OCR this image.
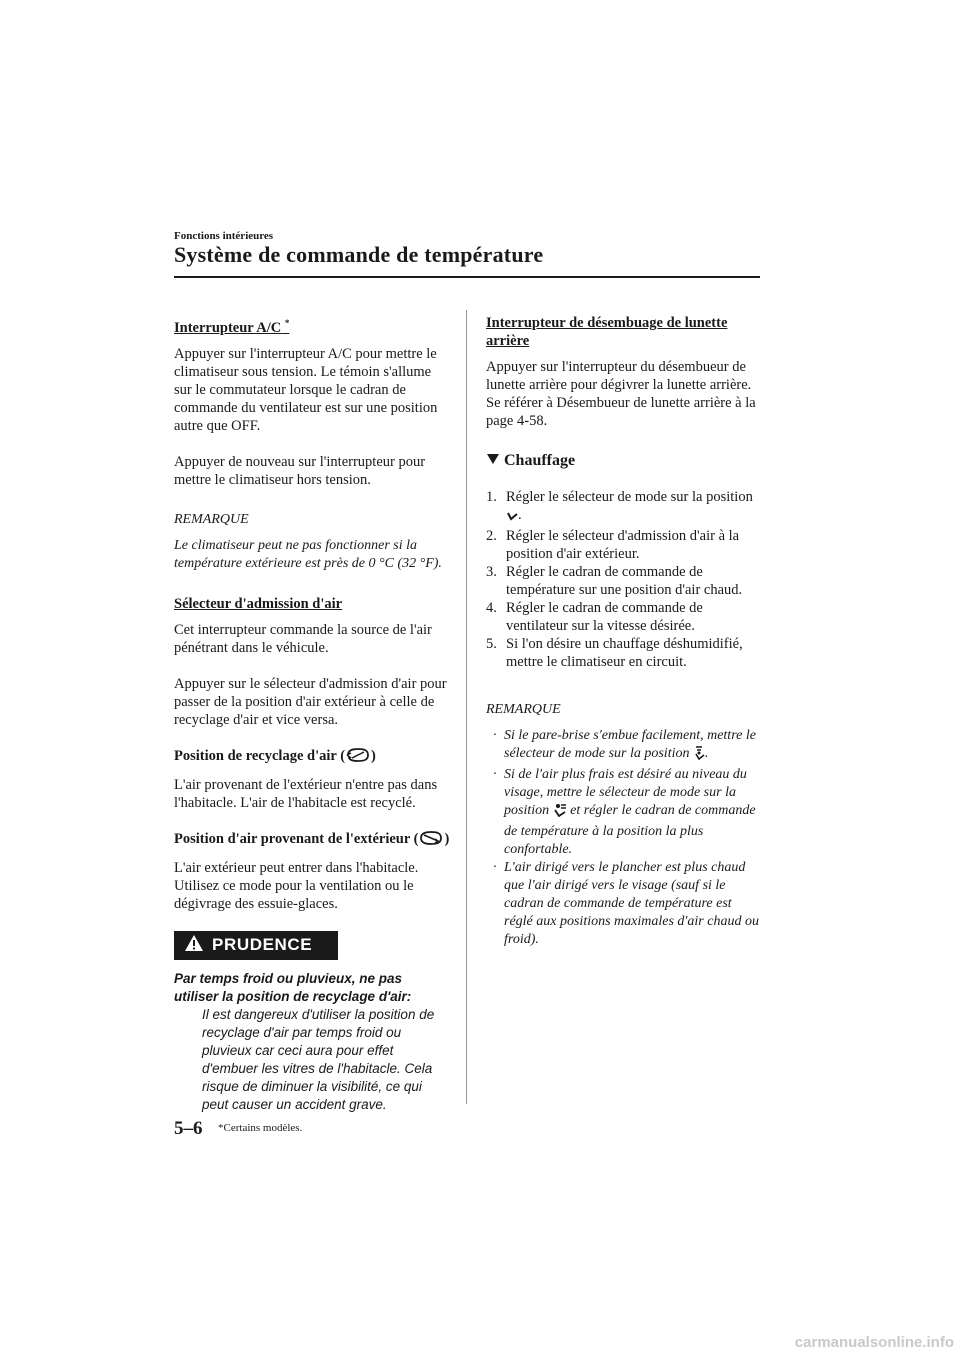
Fonctions intérieures
Système de commande de température
Interrupteur A/C *

Appuyer sur l'interrupteur A/C pour mettre le climatiseur sous tension. Le témoin s'allume sur le commutateur lorsque le cadran de commande du ventilateur est sur une position autre que OFF.

Appuyer de nouveau sur l'interrupteur pour mettre le climatiseur hors tension.

REMARQUE

Le climatiseur peut ne pas fonctionner si la température extérieure est près de 0 °C (32 °F).

Sélecteur d'admission d'air

Cet interrupteur commande la source de l'air pénétrant dans le véhicule.

Appuyer sur le sélecteur d'admission d'air pour passer de la position d'air extérieur à celle de recyclage d'air et vice versa.

Position de recyclage d'air ( )

L'air provenant de l'extérieur n'entre pas dans l'habitacle. L'air de l'habitacle est recyclé.

Position d'air provenant de l'extérieur ( )

L'air extérieur peut entrer dans l'habitacle. Utilisez ce mode pour la ventilation ou le dégivrage des essuie-glaces.

PRUDENCE

Par temps froid ou pluvieux, ne pas utiliser la position de recyclage d'air:

Il est dangereux d'utiliser la position de recyclage d'air par temps froid ou pluvieux car ceci aura pour effet d'embuer les vitres de l'habitacle. Cela risque de diminuer la visibilité, ce qui peut causer un accident grave.

Interrupteur de désembuage de lunette arrière

Appuyer sur l'interrupteur du désembueur de lunette arrière pour dégivrer la lunette arrière.

Se référer à Désembueur de lunette arrière à la page 4-58.

Chauffage
1. Régler le sélecteur de mode sur la position .
2. Régler le sélecteur d'admission d'air à la position d'air extérieur.
3. Régler le cadran de commande de température sur une position d'air chaud.
4. Régler le cadran de commande de ventilateur sur la vitesse désirée.
5. Si l'on désire un chauffage déshumidifié, mettre le climatiseur en circuit.

REMARQUE

· Si le pare-brise s'embue facilement, mettre le sélecteur de mode sur la position .
· Si de l'air plus frais est désiré au niveau du visage, mettre le sélecteur de mode sur la position  et régler le cadran de commande de température à la position la plus confortable.
· L'air dirigé vers le plancher est plus chaud que l'air dirigé vers le visage (sauf si le cadran de commande de température est réglé aux positions maximales d'air chaud ou froid).
5–6 *Certains modèles.
carmanualsonline.info
